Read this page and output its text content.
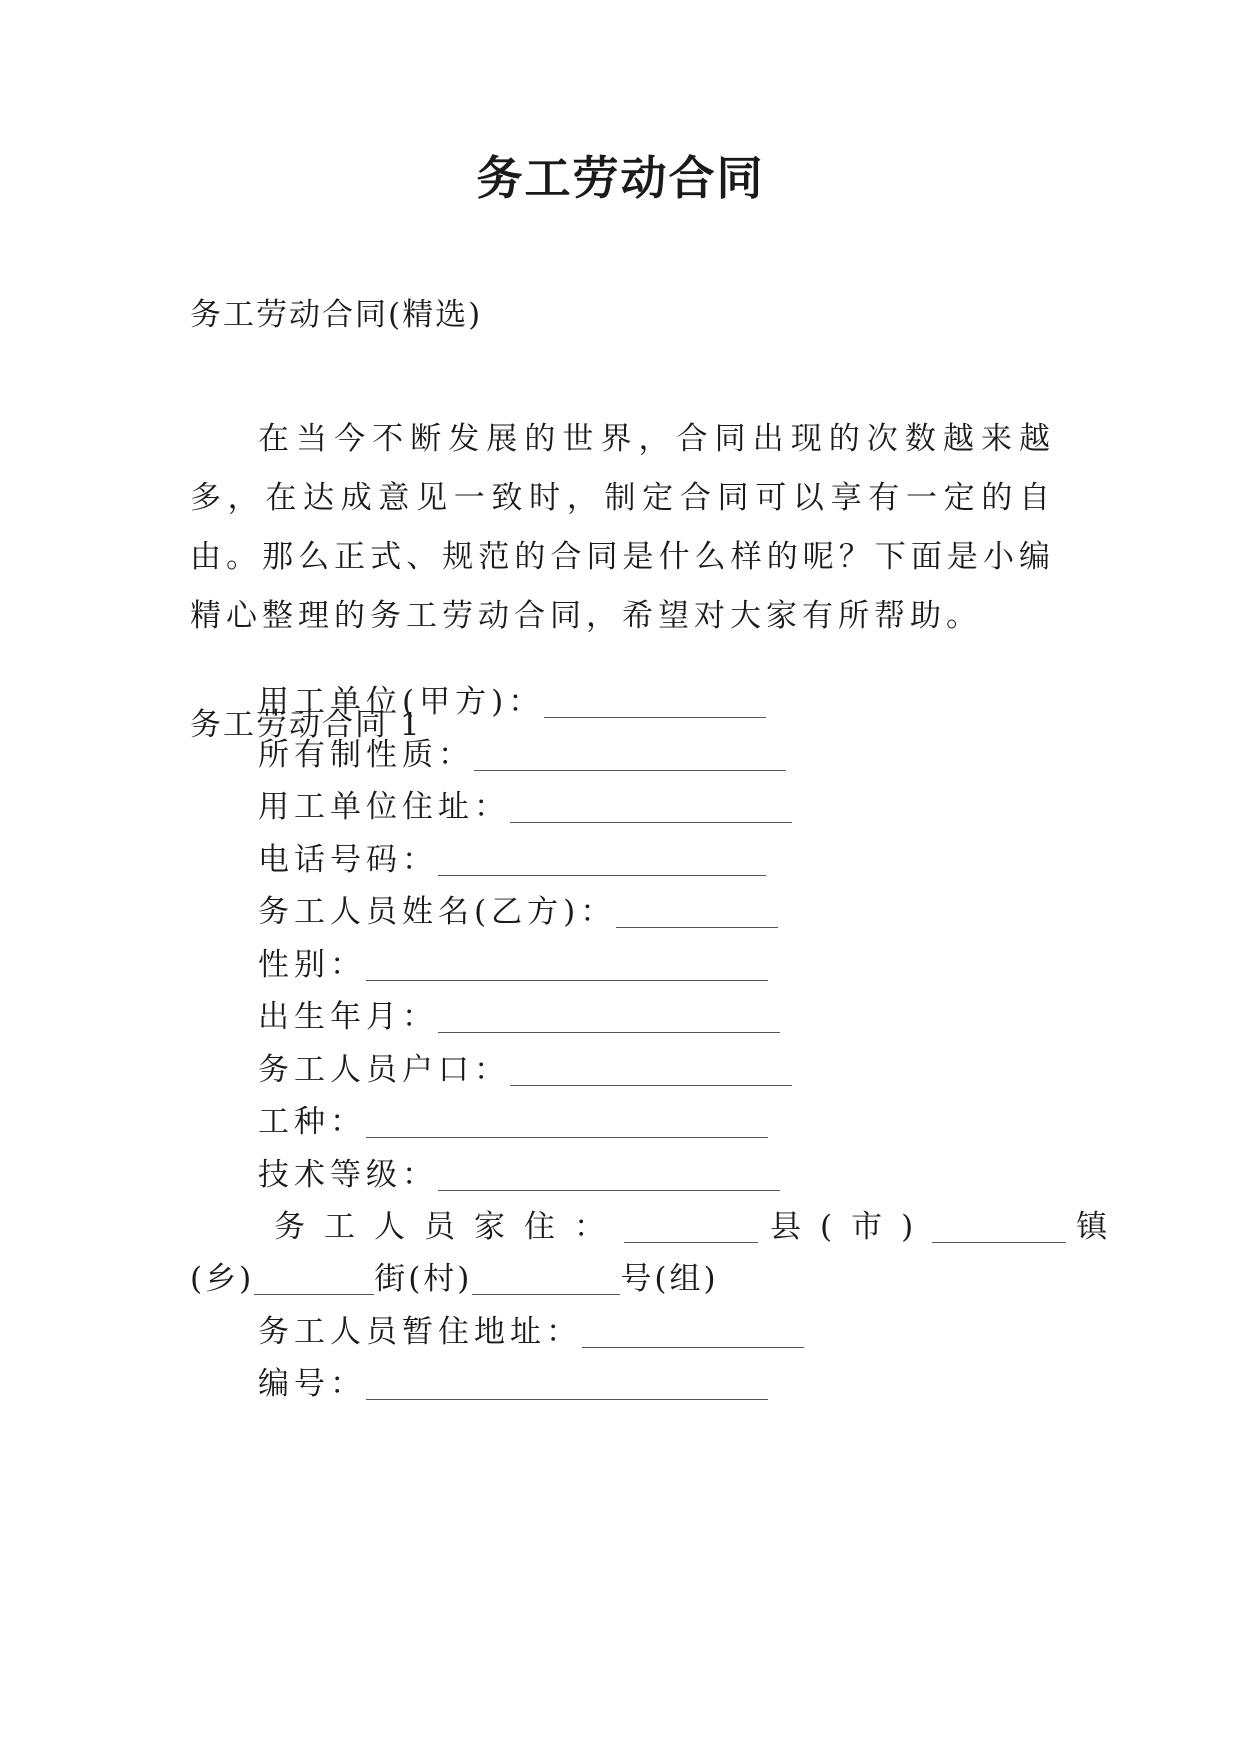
务工劳动合同
务工劳动合同(精选)
在当今不断发展的世界，合同出现的次数越来越多，在达成意见一致时，制定合同可以享有一定的自由。那么正式、规范的合同是什么样的呢？下面是小编精心整理的务工劳动合同，希望对大家有所帮助。
务工劳动合同 1
用工单位(甲方)：
所有制性质：
用工单位住址：
电话号码：
务工人员姓名(乙方)：
性别：
出生年月：
务工人员户口：
工种：
技术等级：
务工人员家住：	县(市)	镇
(乡)	街(村)	号(组)
务工人员暂住地址：
编号：
